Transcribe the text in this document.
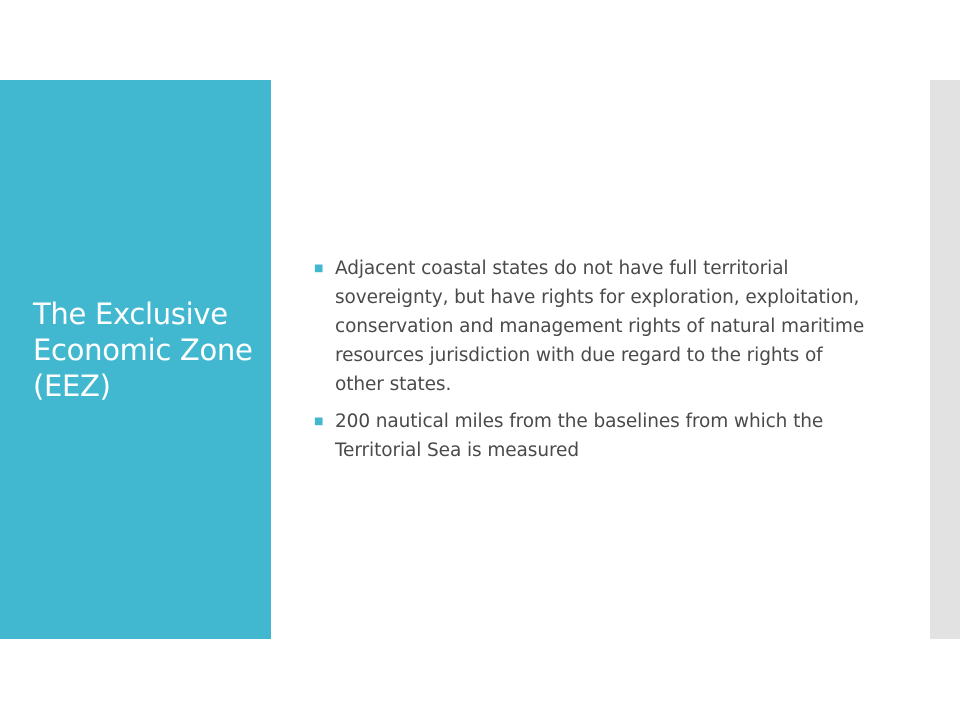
The Exclusive Economic Zone (EEZ)
■ Adjacent coastal states do not have full territorial sovereignty, but have rights for exploration, exploitation, conservation and management rights of natural maritime resources jurisdiction with due regard to the rights of other states.
■ 200 nautical miles from the baselines from which the Territorial Sea is measured
